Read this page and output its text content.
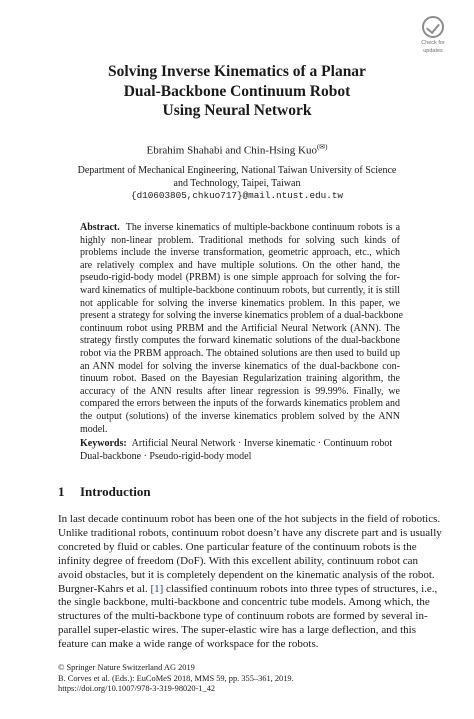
Check for
updates
Solving Inverse Kinematics of a Planar
Dual-Backbone Continuum Robot
Using Neural Network
Ebrahim Shahabi and Chin-Hsing Kuo(✉)
Department of Mechanical Engineering, National Taiwan University of Science
and Technology, Taipei, Taiwan
{d10603805,chkuo717}@mail.ntust.edu.tw
Abstract. The inverse kinematics of multiple-backbone continuum robots is a
highly non-linear problem. Traditional methods for solving such kinds of
problems include the inverse transformation, geometric approach, etc., which
are relatively complex and have multiple solutions. On the other hand, the
pseudo-rigid-body model (PRBM) is one simple approach for solving the for-
ward kinematics of multiple-backbone continuum robots, but currently, it is still
not applicable for solving the inverse kinematics problem. In this paper, we
present a strategy for solving the inverse kinematics problem of a dual-backbone
continuum robot using PRBM and the Artificial Neural Network (ANN). The
strategy firstly computes the forward kinematic solutions of the dual-backbone
robot via the PRBM approach. The obtained solutions are then used to build up
an ANN model for solving the inverse kinematics of the dual-backbone con-
tinuum robot. Based on the Bayesian Regularization training algorithm, the
accuracy of the ANN results after linear regression is 99.99%. Finally, we
compared the errors between the inputs of the forwards kinematics problem and
the output (solutions) of the inverse kinematics problem solved by the ANN
model.
Keywords: Artificial Neural Network · Inverse kinematic · Continuum robot
Dual-backbone · Pseudo-rigid-body model
1 Introduction
In last decade continuum robot has been one of the hot subjects in the field of robotics.
Unlike traditional robots, continuum robot doesn’t have any discrete part and is usually
concreted by fluid or cables. One particular feature of the continuum robots is the
infinity degree of freedom (DoF). With this excellent ability, continuum robot can
avoid obstacles, but it is completely dependent on the kinematic analysis of the robot.
Burgner-Kahrs et al. [1] classified continuum robots into three types of structures, i.e.,
the single backbone, multi-backbone and concentric tube models. Among which, the
structures of the multi-backbone type of continuum robots are formed by several in-
parallel super-elastic wires. The super-elastic wire has a large deflection, and this
feature can make a wide range of workspace for the robots.
© Springer Nature Switzerland AG 2019
B. Corves et al. (Eds.): EuCoMeS 2018, MMS 59, pp. 355–361, 2019.
https://doi.org/10.1007/978-3-319-98020-1_42
